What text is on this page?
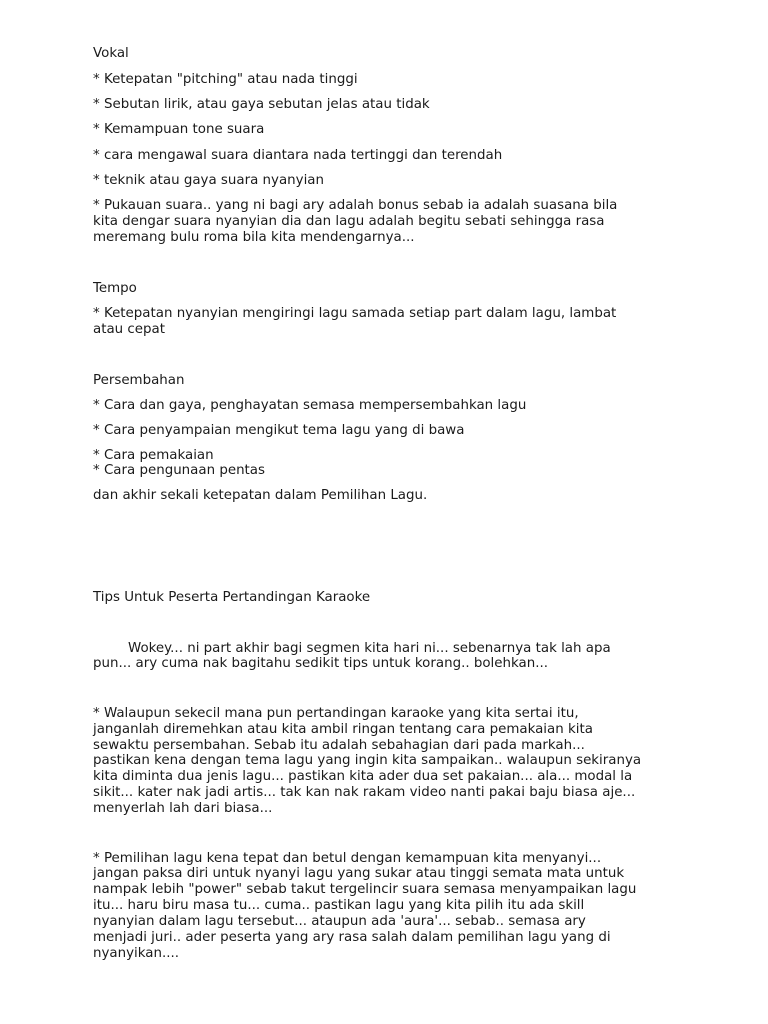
Vokal
* Ketepatan "pitching" atau nada tinggi
* Sebutan lirik, atau gaya sebutan jelas atau tidak
* Kemampuan tone suara
* cara mengawal suara diantara nada tertinggi dan terendah
* teknik atau gaya suara nyanyian
* Pukauan suara.. yang ni bagi ary adalah bonus sebab ia adalah suasana bila
kita dengar suara nyanyian dia dan lagu adalah begitu sebati sehingga rasa
meremang bulu roma bila kita mendengarnya...
Tempo
* Ketepatan nyanyian mengiringi lagu samada setiap part dalam lagu, lambat
atau cepat
Persembahan
* Cara dan gaya, penghayatan semasa mempersembahkan lagu
* Cara penyampaian mengikut tema lagu yang di bawa
* Cara pemakaian
* Cara pengunaan pentas
dan akhir sekali ketepatan dalam Pemilihan Lagu.
Tips Untuk Peserta Pertandingan Karaoke
Wokey... ni part akhir bagi segmen kita hari ni... sebenarnya tak lah apa
pun... ary cuma nak bagitahu sedikit tips untuk korang.. bolehkan...
* Walaupun sekecil mana pun pertandingan karaoke yang kita sertai itu,
janganlah diremehkan atau kita ambil ringan tentang cara pemakaian kita
sewaktu persembahan. Sebab itu adalah sebahagian dari pada markah...
pastikan kena dengan tema lagu yang ingin kita sampaikan.. walaupun sekiranya
kita diminta dua jenis lagu... pastikan kita ader dua set pakaian... ala... modal la
sikit... kater nak jadi artis... tak kan nak rakam video nanti pakai baju biasa aje...
menyerlah lah dari biasa...
* Pemilihan lagu kena tepat dan betul dengan kemampuan kita menyanyi...
jangan paksa diri untuk nyanyi lagu yang sukar atau tinggi semata mata untuk
nampak lebih "power" sebab takut tergelincir suara semasa menyampaikan lagu
itu... haru biru masa tu... cuma.. pastikan lagu yang kita pilih itu ada skill
nyanyian dalam lagu tersebut... ataupun ada 'aura'... sebab.. semasa ary
menjadi juri.. ader peserta yang ary rasa salah dalam pemilihan lagu yang di
nyanyikan....
